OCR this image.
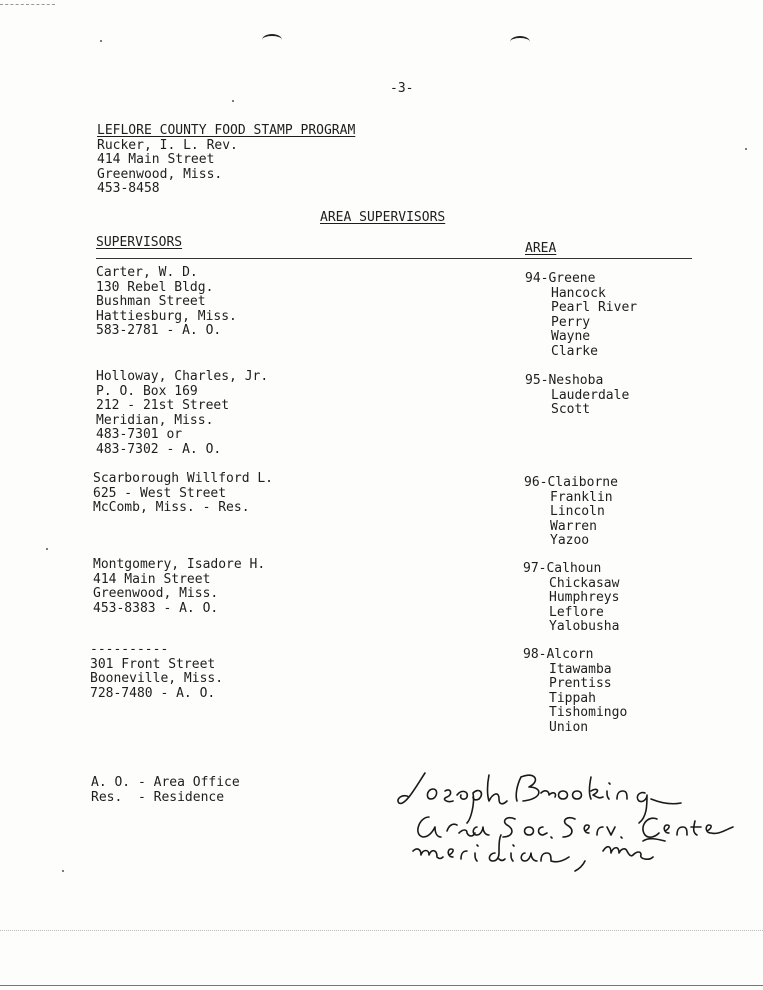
-3-
LEFLORE COUNTY FOOD STAMP PROGRAM
Rucker, I. L. Rev.
414 Main Street
Greenwood, Miss.
453-8458
AREA SUPERVISORS
SUPERVISORS	AREA
Carter, W. D.
130 Rebel Bldg.
Bushman Street
Hattiesburg, Miss.
583-2781 - A. O.
Holloway, Charles, Jr.
P. O. Box 169
212 - 21st Street
Meridian, Miss.
483-7301 or
483-7302 - A. O.
Scarborough Willford L.
625 - West Street
McComb, Miss. - Res.
Montgomery, Isadore H.
414 Main Street
Greenwood, Miss.
453-8383 - A. O.
----------
301 Front Street
Booneville, Miss.
728-7480 - A. O.
94-Greene
Hancock
Pearl River
Perry
Wayne
Clarke
95-Neshoba
Lauderdale
Scott
96-Claiborne
Franklin
Lincoln
Warren
Yazoo
97-Calhoun
Chickasaw
Humphreys
Leflore
Yalobusha
98-Alcorn
Itawamba
Prentiss
Tippah
Tishomingo
Union
A. O. - Area Office
Res.  - Residence
